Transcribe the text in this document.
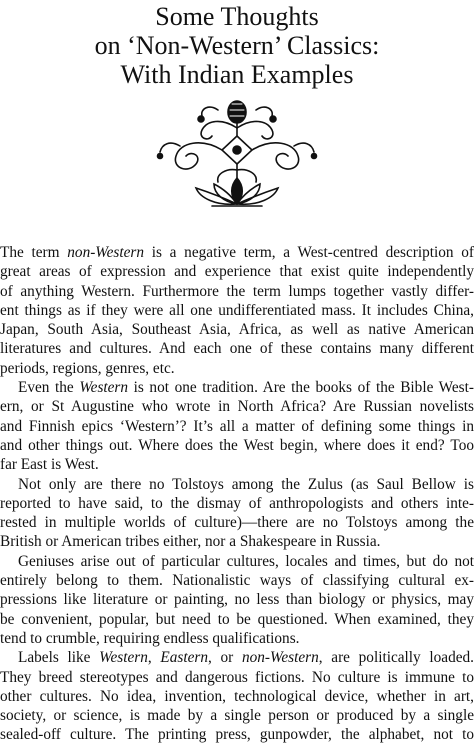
Some Thoughts
on ‘Non-Western’ Classics:
With Indian Examples

The term non-Western is a negative term, a West-centred description of
great areas of expression and experience that exist quite independently
of anything Western. Furthermore the term lumps together vastly differ-
ent things as if they were all one undifferentiated mass. It includes China,
Japan, South Asia, Southeast Asia, Africa, as well as native American
literatures and cultures. And each one of these contains many different
periods, regions, genres, etc.

Even the Western is not one tradition. Are the books of the Bible West-
ern, or St Augustine who wrote in North Africa? Are Russian novelists
and Finnish epics ‘Western’? It’s all a matter of defining some things in
and other things out. Where does the West begin, where does it end? Too
far East is West.

Not only are there no Tolstoys among the Zulus (as Saul Bellow is
reported to have said, to the dismay of anthropologists and others inte-
rested in multiple worlds of culture)—there are no Tolstoys among the
British or American tribes either, nor a Shakespeare in Russia.

Geniuses arise out of particular cultures, locales and times, but do not
entirely belong to them. Nationalistic ways of classifying cultural ex-
pressions like literature or painting, no less than biology or physics, may
be convenient, popular, but need to be questioned. When examined, they
tend to crumble, requiring endless qualifications.

Labels like Western, Eastern, or non-Western, are politically loaded.
They breed stereotypes and dangerous fictions. No culture is immune to
other cultures. No idea, invention, technological device, whether in art,
society, or science, is made by a single person or produced by a single
sealed-off culture. The printing press, gunpowder, the alphabet, not to
